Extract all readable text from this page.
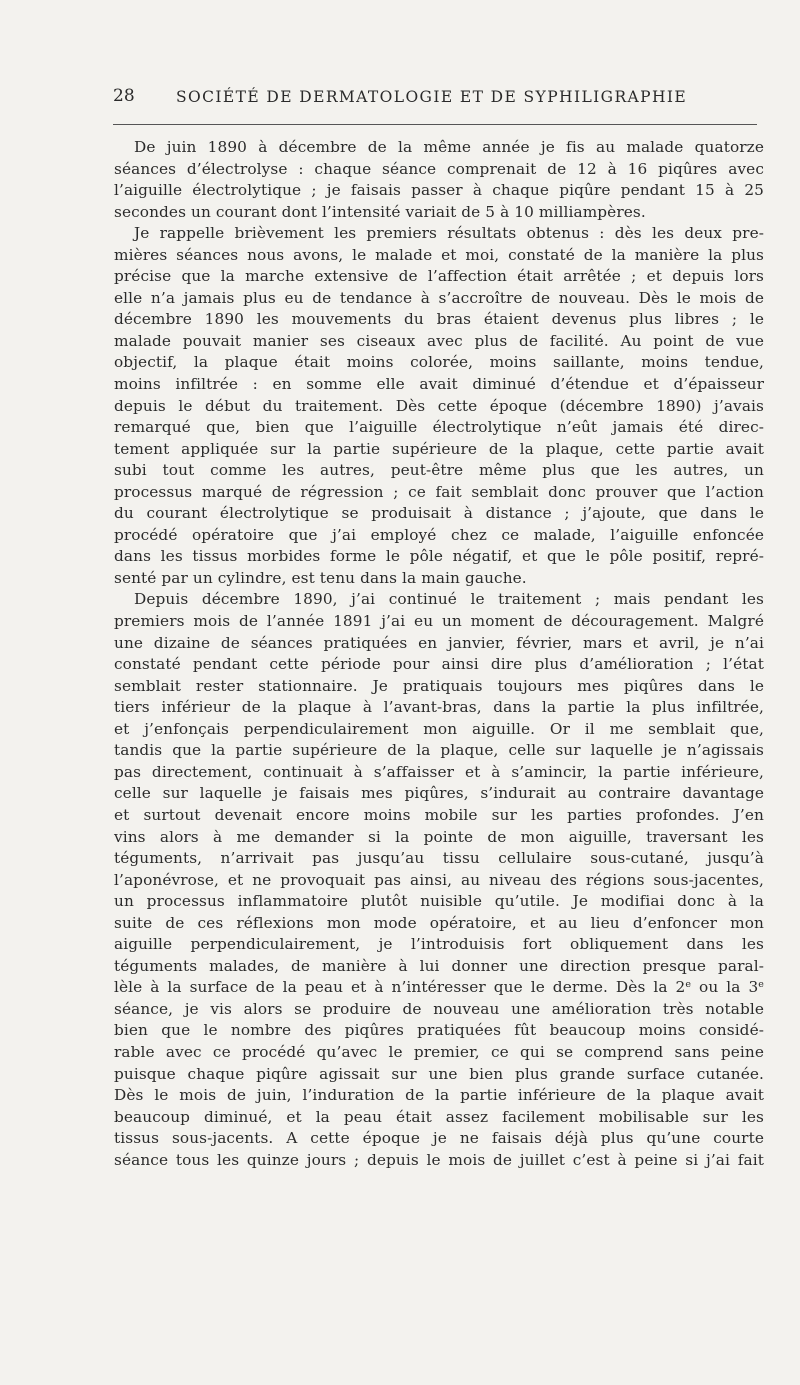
28	SOCIÉTÉ DE DERMATOLOGIE ET DE SYPHILIGRAPHIE
De juin 1890 à décembre de la même année je fis au malade quatorze
séances d’électrolyse : chaque séance comprenait de 12 à 16 piqûres avec
l’aiguille électrolytique ; je faisais passer à chaque piqûre pendant 15 à 25
secondes un courant dont l’intensité variait de 5 à 10 milliampères.
Je rappelle brièvement les premiers résultats obtenus : dès les deux pre-
mières séances nous avons, le malade et moi, constaté de la manière la plus
précise que la marche extensive de l’affection était arrêtée ; et depuis lors
elle n’a jamais plus eu de tendance à s’accroître de nouveau. Dès le mois de
décembre 1890 les mouvements du bras étaient devenus plus libres ; le
malade pouvait manier ses ciseaux avec plus de facilité. Au point de vue
objectif, la plaque était moins colorée, moins saillante, moins tendue,
moins infiltrée : en somme elle avait diminué d’étendue et d’épaisseur
depuis le début du traitement. Dès cette époque (décembre 1890) j’avais
remarqué que, bien que l’aiguille électrolytique n’eût jamais été direc-
tement appliquée sur la partie supérieure de la plaque, cette partie avait
subi tout comme les autres, peut-être même plus que les autres, un
processus marqué de régression ; ce fait semblait donc prouver que l’action
du courant électrolytique se produisait à distance ; j’ajoute, que dans le
procédé opératoire que j’ai employé chez ce malade, l’aiguille enfoncée
dans les tissus morbides forme le pôle négatif, et que le pôle positif, repré-
senté par un cylindre, est tenu dans la main gauche.
Depuis décembre 1890, j’ai continué le traitement ; mais pendant les
premiers mois de l’année 1891 j’ai eu un moment de découragement. Malgré
une dizaine de séances pratiquées en janvier, février, mars et avril, je n’ai
constaté pendant cette période pour ainsi dire plus d’amélioration ; l’état
semblait rester stationnaire. Je pratiquais toujours mes piqûres dans le
tiers inférieur de la plaque à l’avant-bras, dans la partie la plus infiltrée,
et j’enfonçais perpendiculairement mon aiguille. Or il me semblait que,
tandis que la partie supérieure de la plaque, celle sur laquelle je n’agissais
pas directement, continuait à s’affaisser et à s’amincir, la partie inférieure,
celle sur laquelle je faisais mes piqûres, s’indurait au contraire davantage
et surtout devenait encore moins mobile sur les parties profondes. J’en
vins alors à me demander si la pointe de mon aiguille, traversant les
téguments, n’arrivait pas jusqu’au tissu cellulaire sous-cutané, jusqu’à
l’aponévrose, et ne provoquait pas ainsi, au niveau des régions sous-jacentes,
un processus inflammatoire plutôt nuisible qu’utile. Je modifiai donc à la
suite de ces réflexions mon mode opératoire, et au lieu d’enfoncer mon
aiguille perpendiculairement, je l’introduisis fort obliquement dans les
téguments malades, de manière à lui donner une direction presque paral-
lèle à la surface de la peau et à n’intéresser que le derme. Dès la 2e ou la 3e
séance, je vis alors se produire de nouveau une amélioration très notable
bien que le nombre des piqûres pratiquées fût beaucoup moins considé-
rable avec ce procédé qu’avec le premier, ce qui se comprend sans peine
puisque chaque piqûre agissait sur une bien plus grande surface cutanée.
Dès le mois de juin, l’induration de la partie inférieure de la plaque avait
beaucoup diminué, et la peau était assez facilement mobilisable sur les
tissus sous-jacents. A cette époque je ne faisais déjà plus qu’une courte
séance tous les quinze jours ; depuis le mois de juillet c’est à peine si j’ai fait
